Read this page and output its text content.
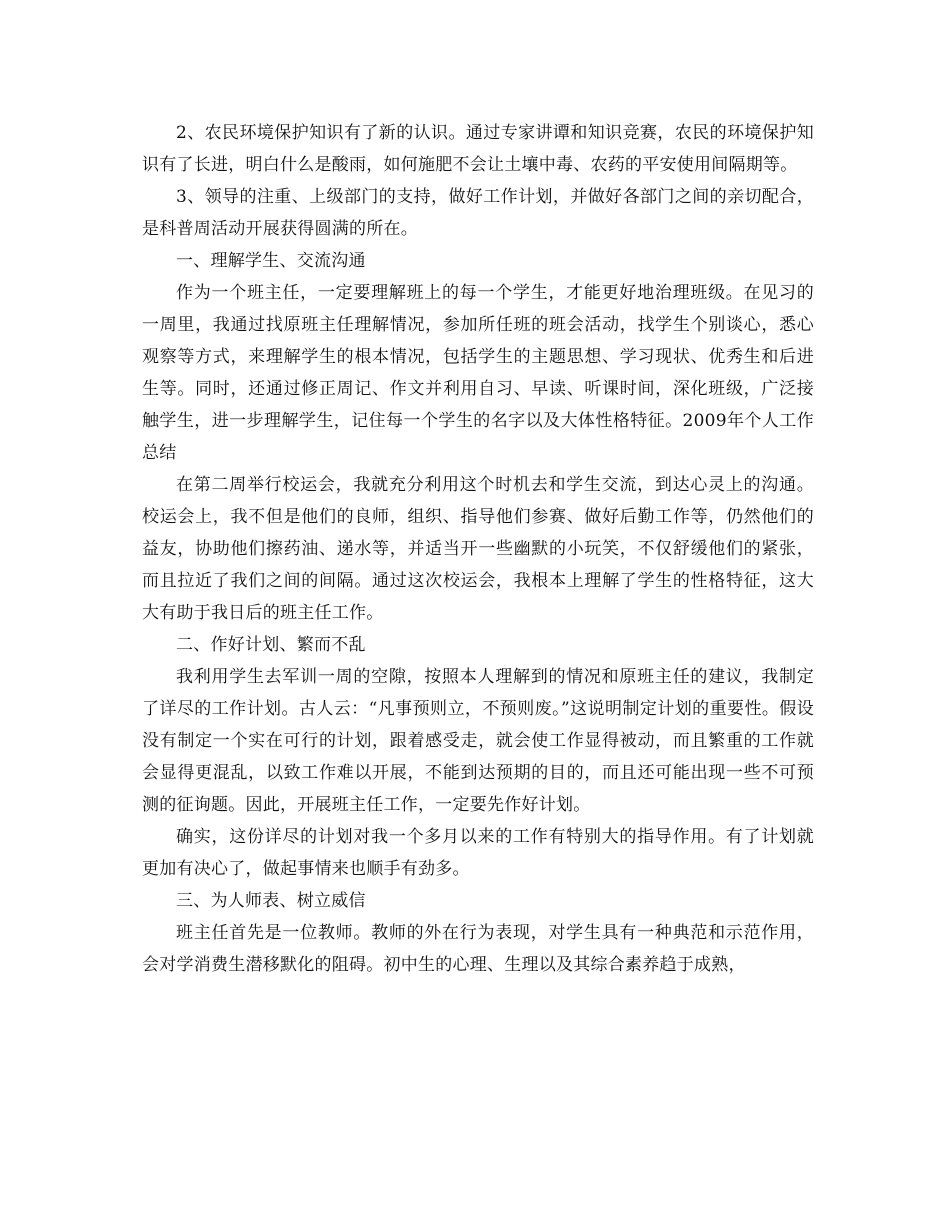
2、农民环境保护知识有了新的认识。通过专家讲谭和知识竞赛，农民的环境保护知识有了长进，明白什么是酸雨，如何施肥不会让土壤中毒、农药的平安使用间隔期等。

3、领导的注重、上级部门的支持，做好工作计划，并做好各部门之间的亲切配合，是科普周活动开展获得圆满的所在。

一、理解学生、交流沟通

作为一个班主任，一定要理解班上的每一个学生，才能更好地治理班级。在见习的一周里，我通过找原班主任理解情况，参加所任班的班会活动，找学生个别谈心，悉心观察等方式，来理解学生的根本情况，包括学生的主题思想、学习现状、优秀生和后进生等。同时，还通过修正周记、作文并利用自习、早读、听课时间，深化班级，广泛接触学生，进一步理解学生，记住每一个学生的名字以及大体性格特征。2009年个人工作总结

在第二周举行校运会，我就充分利用这个时机去和学生交流，到达心灵上的沟通。校运会上，我不但是他们的良师，组织、指导他们参赛、做好后勤工作等，仍然他们的益友，协助他们擦药油、递水等，并适当开一些幽默的小玩笑，不仅舒缓他们的紧张，而且拉近了我们之间的间隔。通过这次校运会，我根本上理解了学生的性格特征，这大大有助于我日后的班主任工作。

二、作好计划、繁而不乱

我利用学生去军训一周的空隙，按照本人理解到的情况和原班主任的建议，我制定了详尽的工作计划。古人云：“凡事预则立，不预则废。”这说明制定计划的重要性。假设没有制定一个实在可行的计划，跟着感受走，就会使工作显得被动，而且繁重的工作就会显得更混乱，以致工作难以开展，不能到达预期的目的，而且还可能出现一些不可预测的征询题。因此，开展班主任工作，一定要先作好计划。

确实，这份详尽的计划对我一个多月以来的工作有特别大的指导作用。有了计划就更加有决心了，做起事情来也顺手有劲多。

三、为人师表、树立威信

班主任首先是一位教师。教师的外在行为表现，对学生具有一种典范和示范作用，会对学消费生潜移默化的阻碍。初中生的心理、生理以及其综合素养趋于成熟，
